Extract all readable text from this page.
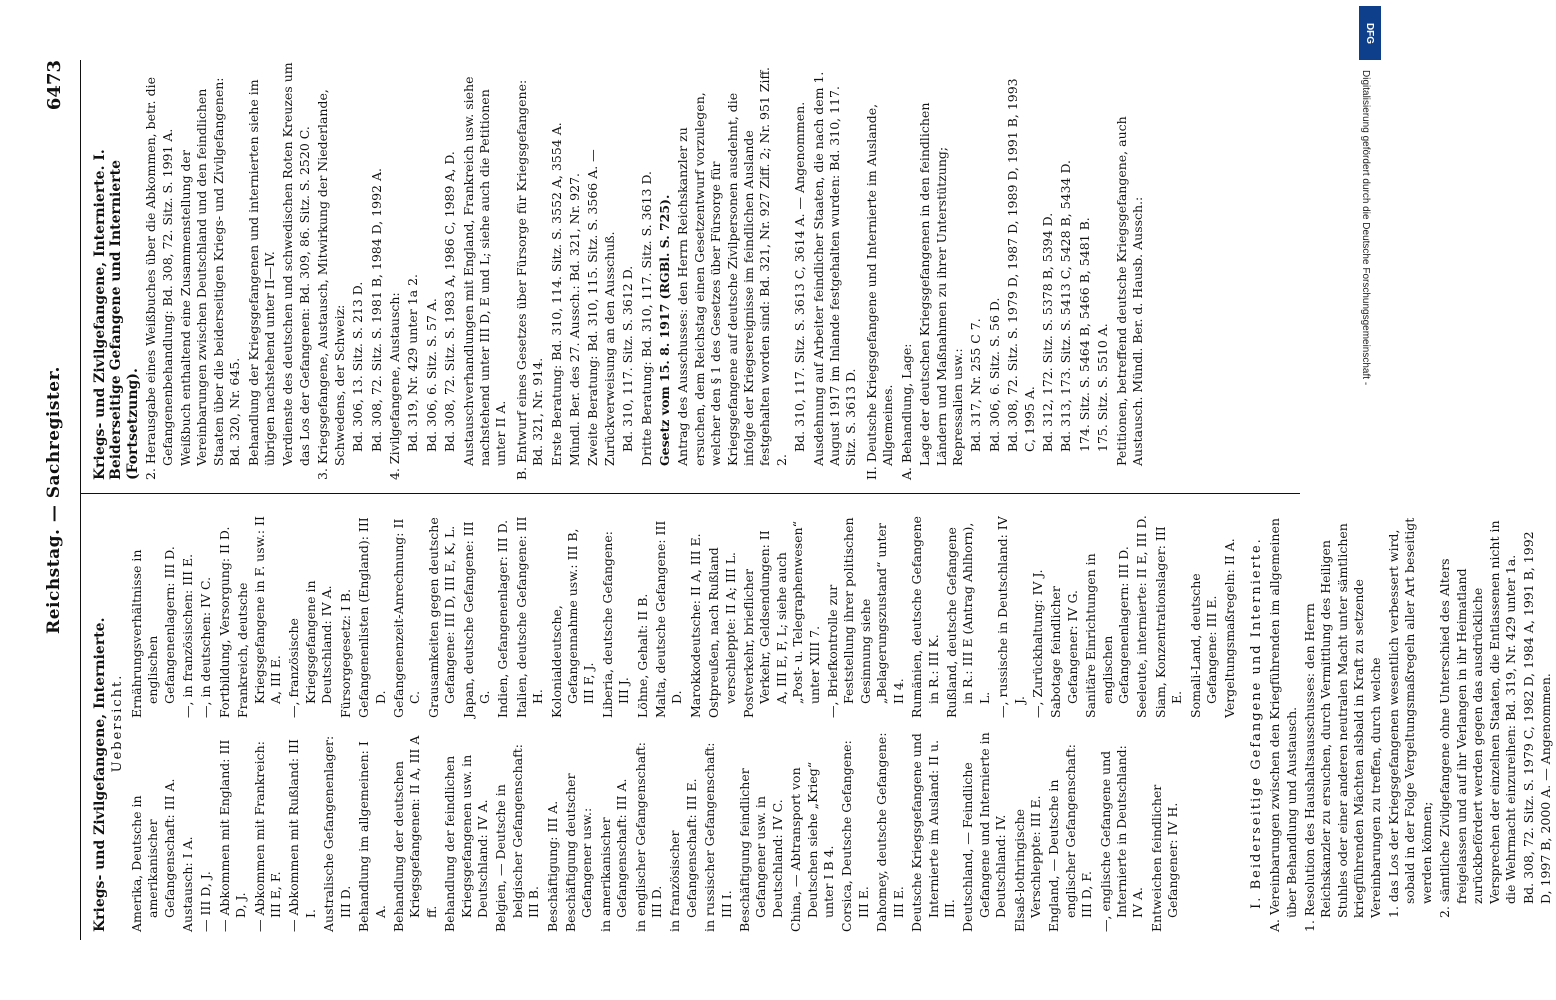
Reichstag. — Sachregister.
6473

Kriegs- und Zivilgefangene, Internierte. Uebersicht.

Amerika, Deutsche in amerikanischer Gefangenschaft: III A. Austausch: I A. — III D, J. — Abkommen mit England: III D, J. — Abkommen mit Frankreich: III E, F. — Abkommen mit Rußland: III I. Australische Gefangenenlager: III D. Behandlung im allgemeinen: I A. Behandlung der deutschen Kriegsgefangenen: II A, III A ff. Behandlung der feindlichen Kriegsgefangenen usw. in Deutschland: IV A. Belgien, — Deutsche in belgischer Gefangenschaft: III B. Beschäftigung: III A. Beschäftigung deutscher Gefangener usw.: in amerikanischer Gefangenschaft: III A. in englischer Gefangenschaft: III D. in französischer Gefangenschaft: III E. in russischer Gefangenschaft: III I. Beschäftigung feindlicher Gefangener usw. in Deutschland: IV C. China, — Abtransport von Deutschen siehe „Krieg“ unter I B 4. Corsica, Deutsche Gefangene: III E. Dahomey, deutsche Gefangene: III E. Deutsche Kriegsgefangene und Internierte im Ausland: II u. III. Deutschland, — Feindliche Gefangene und Internierte in Deutschland: IV. Elsaß-lothringische Verschleppte: III E. England, — Deutsche in englischer Gefangenschaft: III D, F. —, englische Gefangene und Internierte in Deutschland: IV A. Entweichen feindlicher Gefangener: IV H.

Ernährungsverhältnisse in englischen Gefangenenlagern: III D. —, in französischen: III E. —, in deutschen: IV C. Fortbildung, Versorgung: II D. Frankreich, deutsche Kriegsgefangene in F. usw.: II A, III E. —, französische Kriegsgefangene in Deutschland: IV A. Fürsorgegesetz: I B. Gefangenenlisten (England): III D. Gefangenenzeit-Anrechnung: II C. Grausamkeiten gegen deutsche Gefangene: III D, III E, K, L. Japan, deutsche Gefangene: III G. Indien, Gefangenenlager: III D. Italien, deutsche Gefangene: III H. Kolonialdeutsche, Gefangennahme usw.: III B, III F, J. Liberia, deutsche Gefangene: III J. Löhne, Gehalt: II B. Malta, deutsche Gefangene: III D. Marokkodeutsche: II A, III E. Ostpreußen, nach Rußland verschleppte: II A; III L. Postverkehr, brieflicher Verkehr, Geldsendungen: II A, III E, F, L; siehe auch „Post- u. Telegraphenwesen“ unter XIII 7. —, Briefkontrolle zur Feststellung ihrer politischen Gesinnung siehe „Belagerungszustand“ unter II 4. Rumänien, deutsche Gefangene in R.: III K. Rußland, deutsche Gefangene in R.: III E (Antrag Ahlhorn), L. —, russische in Deutschland: IV J. —, Zurückhaltung: IV J. Sabotage feindlicher Gefangener: IV G. Sanitäre Einrichtungen in englischen Gefangenenlagern: III D. Seeleute, internierte: II E, III D. Siam, Konzentrationslager: III E. Somali-Land, deutsche Gefangene: III E. Vergeltungsmaßregeln: II A. I. Beiderseitige Gefangene und Internierte. A. Vereinbarungen zwischen den Kriegführenden im allgemeinen über Behandlung und Austausch. 1. Resolution des Haushaltsausschusses: den Herrn Reichskanzler zu ersuchen, durch Vermittlung des Heiligen Stuhles oder einer anderen neutralen Macht unter sämtlichen kriegführenden Mächten alsbald in Kraft zu setzende Vereinbarungen zu treffen, durch welche 1. das Los der Kriegsgefangenen wesentlich verbessert wird, sobald in der Folge Vergeltungsmaßregeln aller Art beseitigt werden können; 2. sämtliche Zivilgefangene ohne Unterschied des Alters freigelassen und auf ihr Verlangen in ihr Heimatland zurückbefördert werden gegen das ausdrückliche Versprechen der einzelnen Staaten, die Entlassenen nicht in die Wehrmacht einzureihen: Bd. 319, Nr. 429 unter 1a. Bd. 308, 72. Sitz. S. 1979 C, 1982 D, 1984 A, 1991 B, 1992 D, 1997 B, 2000 A. — Angenommen.

Kriegs- und Zivilgefangene, Internierte. I. Beiderseitige Gefangene und Internierte (Fortsetzung). 2. Herausgabe eines Weißbuches über die Abkommen, betr. die Gefangenenbehandlung: Bd. 308, 72. Sitz. S. 1991 A. Weißbuch enthaltend eine Zusammenstellung der Vereinbarungen zwischen Deutschland und den feindlichen Staaten über die beiderseitigen Kriegs- und Zivilgefangenen: Bd. 320, Nr. 645. Behandlung der Kriegsgefangenen und internierten siehe im übrigen nachstehend unter II—IV. Verdienste des deutschen und schwedischen Roten Kreuzes um das Los der Gefangenen: Bd. 309, 86. Sitz. S. 2520 C. 3. Kriegsgefangene, Austausch, Mitwirkung der Niederlande, Schwedens, der Schweiz: Bd. 306, 13. Sitz. S. 213 D. Bd. 308, 72. Sitz. S. 1981 B, 1984 D, 1992 A. 4. Zivilgefangene, Austausch: Bd. 319, Nr. 429 unter 1a 2. Bd. 306, 6. Sitz. S. 57 A. Bd. 308, 72. Sitz. S. 1983 A, 1986 C, 1989 A, D. Austauschverhandlungen mit England, Frankreich usw. siehe nachstehend unter III D, E und L; siehe auch die Petitionen unter II A. B. Entwurf eines Gesetzes über Fürsorge für Kriegsgefangene: Bd. 321, Nr. 914. Erste Beratung: Bd. 310, 114. Sitz. S. 3552 A, 3554 A. Mündl. Ber. des 27. Aussch.: Bd. 321, Nr. 927. Zweite Beratung: Bd. 310, 115. Sitz. S. 3566 A. — Zurückverweisung an den Ausschuß. Bd. 310, 117. Sitz. S. 3612 D. Dritte Beratung: Bd. 310, 117. Sitz. S. 3613 D. Gesetz vom 15. 8. 1917 (RGBl. S. 725). Antrag des Ausschusses: den Herrn Reichskanzler zu ersuchen, dem Reichstag einen Gesetzentwurf vorzulegen, welcher den § 1 des Gesetzes über Fürsorge für Kriegsgefangene auf deutsche Zivilpersonen ausdehnt, die infolge der Kriegsereignisse im feindlichen Auslande festgehalten worden sind: Bd. 321, Nr. 927 Ziff. 2; Nr. 951 Ziff. 2.

Bd. 310, 117. Sitz. S. 3613 C, 3614 A. — Angenommen. Ausdehnung auf Arbeiter feindlicher Staaten, die nach dem 1. August 1917 im Inlande festgehalten wurden: Bd. 310, 117. Sitz. S. 3613 D. II. Deutsche Kriegsgefangene und Internierte im Auslande, Allgemeines. A. Behandlung, Lage: Lage der deutschen Kriegsgefangenen in den feindlichen Ländern und Maßnahmen zu ihrer Unterstützung; Repressalien usw.: Bd. 317, Nr. 255 C 7. Bd. 306, 6. Sitz. S. 56 D. Bd. 308, 72. Sitz. S. 1979 D, 1987 D, 1989 D, 1991 B, 1993 C, 1995 A. Bd. 312, 172. Sitz. S. 5378 B, 5394 D. Bd. 313, 173. Sitz. S. 5413 C, 5428 B, 5434 D. 174. Sitz. S. 5464 B, 5466 B, 5481 B. 175. Sitz. S. 5510 A. Petitionen, betreffend deutsche Kriegsgefangene, auch Austausch. Mündl. Ber. d. Hausb. Aussch.:

DFG
Digitalisierung gefördert durch die Deutsche Forschungsgemeinschaft -
